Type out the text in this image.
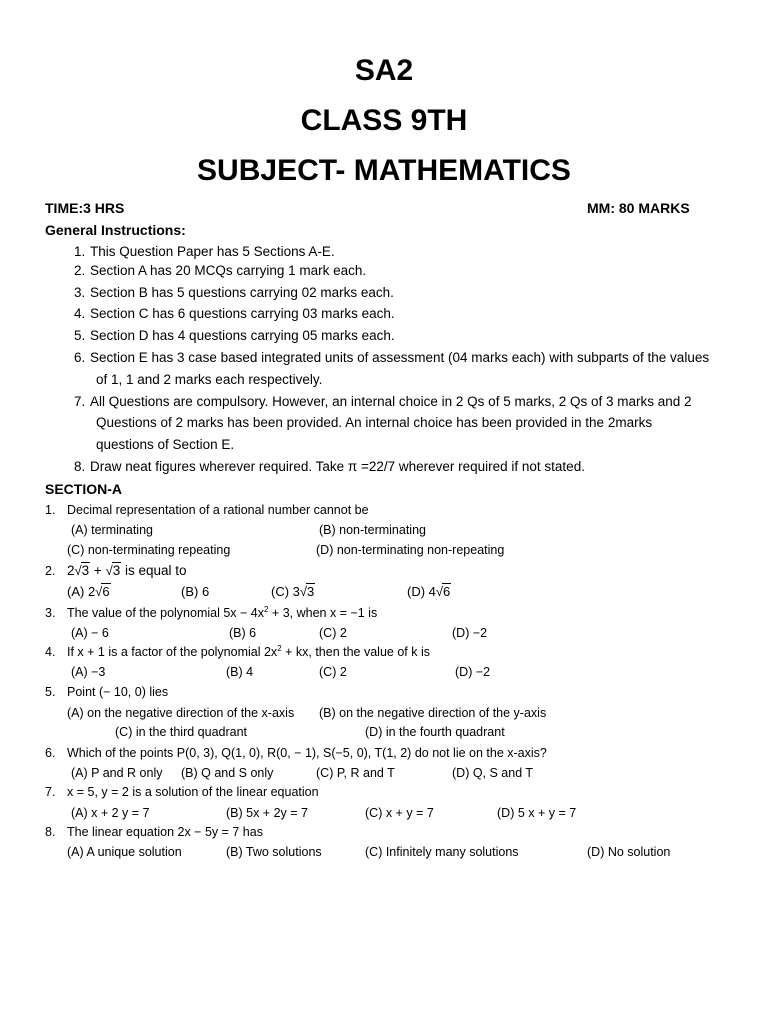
SA2
CLASS 9TH
SUBJECT- MATHEMATICS
TIME:3 HRS	MM: 80 MARKS
General Instructions:
1. This Question Paper has 5 Sections A-E.
2. Section A has 20 MCQs carrying 1 mark each.
3. Section B has 5 questions carrying 02 marks each.
4. Section C has 6 questions carrying 03 marks each.
5. Section D has 4 questions carrying 05 marks each.
6. Section E has 3 case based integrated units of assessment (04 marks each) with subparts of the values
of 1, 1 and 2 marks each respectively.
7. All Questions are compulsory. However, an internal choice in 2 Qs of 5 marks, 2 Qs of 3 marks and 2
Questions of 2 marks has been provided. An internal choice has been provided in the 2marks
questions of Section E.
8. Draw neat figures wherever required. Take π =22/7 wherever required if not stated.
SECTION-A
1. Decimal representation of a rational number cannot be
(A) terminating	(B) non-terminating
(C) non-terminating repeating	(D) non-terminating non-repeating
2. 2√3 + √3 is equal to
(A) 2√6	(B) 6	(C) 3√3	(D) 4√6
3. The value of the polynomial $5x - 4x^2 + 3$, when x = −1 is
(A) − 6	(B) 6	(C) 2	(D) −2
4. If x + 1 is a factor of the polynomial $2x^2$ + kx, then the value of k is
(A) −3	(B) 4	(C) 2	(D) −2
5. Point (− 10, 0) lies
(A) on the negative direction of the x-axis (B) on the negative direction of the y-axis
(C) in the third quadrant	(D) in the fourth quadrant
6. Which of the points P(0, 3), Q(1, 0), R(0, − 1), S(−5, 0), T(1, 2) do not lie on the x-axis?
(A) P and R only (B) Q and S only	(C) P, R and T	(D) Q, S and T
7. x = 5, y = 2 is a solution of the linear equation
(A) x + 2 y = 7	(B) 5x + 2y = 7	(C) x + y = 7	(D) 5 x + y = 7
8. The linear equation 2x − 5y = 7 has
(A) A unique solution	(B) Two solutions	(C) Infinitely many solutions	(D) No solution
